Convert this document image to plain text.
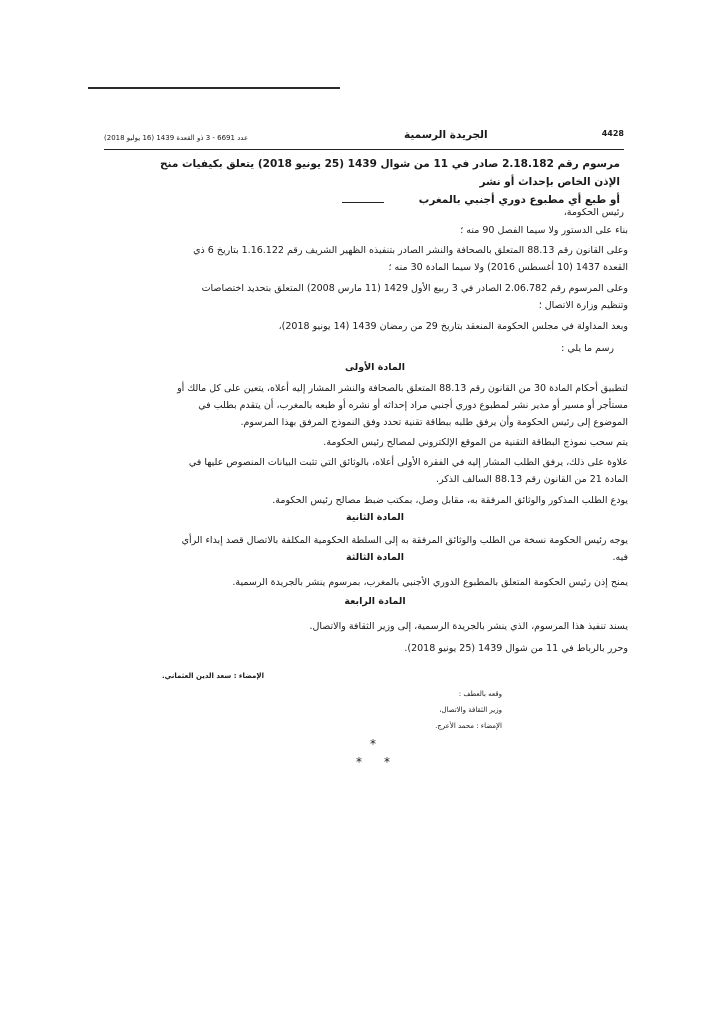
عدد 6691 - 3 ذو القعدة 1439 (16 يوليو 2018)	الجريدة الرسمية	4428
مرسوم رقم 2.18.182 صادر في 11 من شوال 1439 (25 يونيو 2018) يتعلق بكيفيات منح الإذن الخاص بإحداث أو نشر
أو طبع أي مطبوع دوري أجنبي بالمغرب
رئيس الحكومة،
بناء على الدستور ولا سيما الفصل 90 منه ؛
وعلى القانون رقم 88.13 المتعلق بالصحافة والنشر الصادر بتنفيذه الظهير الشريف رقم 1.16.122 بتاريخ 6 ذي القعدة 1437 (10 أغسطس 2016) ولا سيما المادة 30 منه ؛
وعلى المرسوم رقم 2.06.782 الصادر في 3 ربيع الأول 1429 (11 مارس 2008) المتعلق بتحديد اختصاصات وتنظيم وزارة الاتصال ؛
وبعد المداولة في مجلس الحكومة المنعقد بتاريخ 29 من رمضان 1439 (14 يونيو 2018)،
رسم ما يلي :
المادة الأولى
لتطبيق أحكام المادة 30 من القانون رقم 88.13 المتعلق بالصحافة والنشر المشار إليه أعلاه، يتعين على كل مالك أو مستأجر أو مسير أو مدير نشر لمطبوع دوري أجنبي مراد إحداثه أو نشره أو طبعه بالمغرب، أن يتقدم بطلب في الموضوع إلى رئيس الحكومة وأن يرفق طلبه ببطاقة تقنية تحدد وفق النموذج المرفق بهذا المرسوم.
يتم سحب نموذج البطاقة التقنية من الموقع الإلكتروني لمصالح رئيس الحكومة.
علاوة على ذلك، يرفق الطلب المشار إليه في الفقرة الأولى أعلاه، بالوثائق التي تثبت البيانات المنصوص عليها في المادة 21 من القانون رقم 88.13 السالف الذكر.
يودع الطلب المذكور والوثائق المرفقة به، مقابل وصل، بمكتب ضبط مصالح رئيس الحكومة.
المادة الثانية
يوجه رئيس الحكومة نسخة من الطلب والوثائق المرفقة به إلى السلطة الحكومية المكلفة بالاتصال قصد إبداء الرأي فيه.
المادة الثالثة
يمنح إذن رئيس الحكومة المتعلق بالمطبوع الدوري الأجنبي بالمغرب، بمرسوم ينشر بالجريدة الرسمية.
المادة الرابعة
يسند تنفيذ هذا المرسوم، الذي ينشر بالجريدة الرسمية، إلى وزير الثقافة والاتصال.
وحرر بالرباط في 11 من شوال 1439 (25 يونيو 2018).
الإمضاء : سعد الدين العثماني.
وقعه بالعطف :
وزير الثقافة والاتصال،
الإمضاء : محمد الأعرج.
*
* *
